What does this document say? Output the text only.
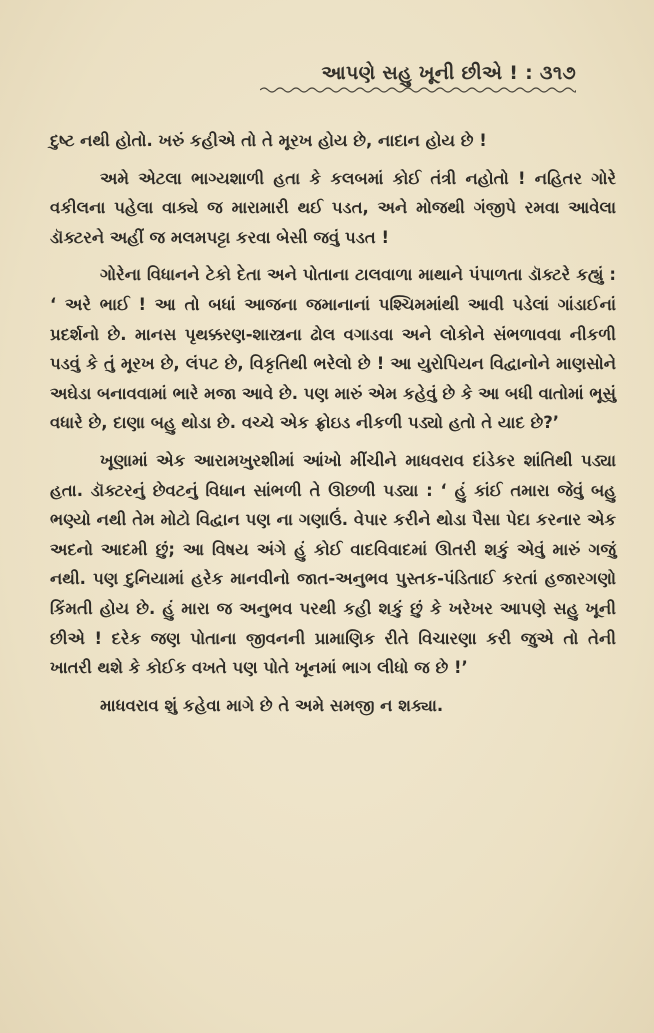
આપણે સહુ ખૂની છીએ ! : ૩૧૭

દુષ્ટ નથી હોતો. ખરું કહીએ તો તે મૂરખ હોય છે, નાદાન હોય છે !

અમે એટલા ભાગ્યશાળી હતા કે કલબમાં કોઈ તંત્રી નહોતો ! નહિતર ગોરે વકીલના પહેલા વાક્યે જ મારામારી થઈ પડત, અને મોજથી ગંજીપે રમવા આવેલા ડૉક્ટરને અહીં જ મલમપટ્ટા કરવા બેસી જવું પડત !

ગોરેના વિધાનને ટેકો દેતા અને પોતાના ટાલવાળા માથાને પંપાળતા ડૉક્ટરે કહ્યું : ‘ અરે ભાઈ ! આ તો બધાં આજના જમાનાનાં પશ્ચિમમાંથી આવી પડેલાં ગાંડાઈનાં પ્રદર્શનો છે. માનસ પૃથક્કરણ-શાસ્ત્રના ઢોલ વગાડવા અને લોકોને સંભળાવવા નીકળી પડવું કે તું મૂરખ છે, લંપટ છે, વિકૃતિથી ભરેલો છે ! આ યુરોપિયન વિદ્વાનોને માણસોને અઘેડા બનાવવામાં ભારે મજા આવે છે. પણ મારું એમ કહેવું છે કે આ બધી વાતોમાં ભૂસું વધારે છે, દાણા બહુ થોડા છે. વચ્ચે એક ફ્રોઇડ નીકળી પડ્યો હતો તે યાદ છે?’

ખૂણામાં એક આરામખુરશીમાં આંખો મીંચીને માધવરાવ દાંડેકર શાંતિથી પડ્યા હતા. ડૉક્ટરનું છેવટનું વિધાન સાંભળી તે ઊછળી પડ્યા : ‘ હું કાંઈ તમારા જેવું બહુ ભણ્યો નથી તેમ મોટો વિદ્વાન પણ ના ગણાઉં. વેપાર કરીને થોડા પૈસા પેદા કરનાર એક અદનો આદમી છું; આ વિષય અંગે હું કોઈ વાદવિવાદમાં ઊતરી શકું એવું મારું ગજું નથી. પણ દુનિયામાં હરેક માનવીનો જાત-અનુભવ પુસ્તક-પંડિતાઈ કરતાં હજારગણો કિંમતી હોય છે. હું મારા જ અનુભવ પરથી કહી શકું છું કે ખરેખર આપણે સહુ ખૂની છીએ ! દરેક જણ પોતાના જીવનની પ્રામાણિક રીતે વિચારણા કરી જુએ તો તેની ખાતરી થશે કે કોઈક વખતે પણ પોતે ખૂનમાં ભાગ લીધો જ છે !’

માધવરાવ શું કહેવા માગે છે તે અમે સમજી ન શક્યા.
